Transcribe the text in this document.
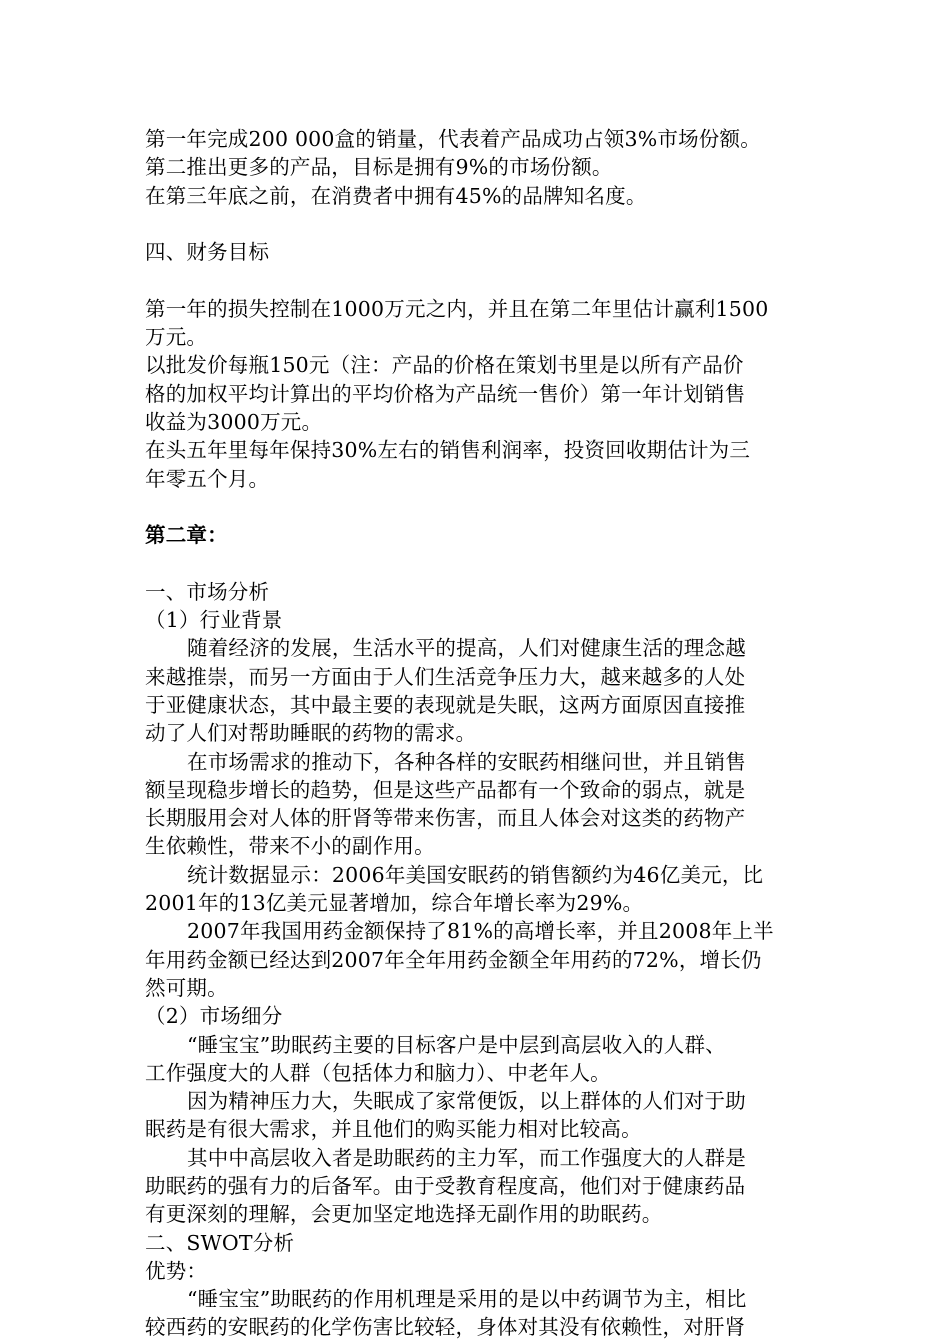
第一年完成200 000盒的销量，代表着产品成功占领3%市场份额。
第二推出更多的产品，目标是拥有9%的市场份额。
在第三年底之前，在消费者中拥有45%的品牌知名度。
四、财务目标
第一年的损失控制在1000万元之内，并且在第二年里估计赢利1500
万元。
以批发价每瓶150元（注：产品的价格在策划书里是以所有产品价
格的加权平均计算出的平均价格为产品统一售价）第一年计划销售
收益为3000万元。
在头五年里每年保持30%左右的销售利润率，投资回收期估计为三
年零五个月。
第二章：
一、市场分析
（1）行业背景
随着经济的发展，生活水平的提高，人们对健康生活的理念越
来越推崇，而另一方面由于人们生活竞争压力大，越来越多的人处
于亚健康状态，其中最主要的表现就是失眠，这两方面原因直接推
动了人们对帮助睡眠的药物的需求。
在市场需求的推动下，各种各样的安眠药相继问世，并且销售
额呈现稳步增长的趋势，但是这些产品都有一个致命的弱点，就是
长期服用会对人体的肝肾等带来伤害，而且人体会对这类的药物产
生依赖性，带来不小的副作用。
统计数据显示：2006年美国安眠药的销售额约为46亿美元，比
2001年的13亿美元显著增加，综合年增长率为29%。
2007年我国用药金额保持了81%的高增长率，并且2008年上半
年用药金额已经达到2007年全年用药金额全年用药的72%，增长仍
然可期。
（2）市场细分
“睡宝宝”助眠药主要的目标客户是中层到高层收入的人群、
工作强度大的人群（包括体力和脑力）、中老年人。
因为精神压力大，失眠成了家常便饭，以上群体的人们对于助
眠药是有很大需求，并且他们的购买能力相对比较高。
其中中高层收入者是助眠药的主力军，而工作强度大的人群是
助眠药的强有力的后备军。由于受教育程度高，他们对于健康药品
有更深刻的理解，会更加坚定地选择无副作用的助眠药。
二、SWOT分析
优势：
“睡宝宝”助眠药的作用机理是采用的是以中药调节为主，相比
较西药的安眠药的化学伤害比较轻，身体对其没有依赖性，对肝肾
